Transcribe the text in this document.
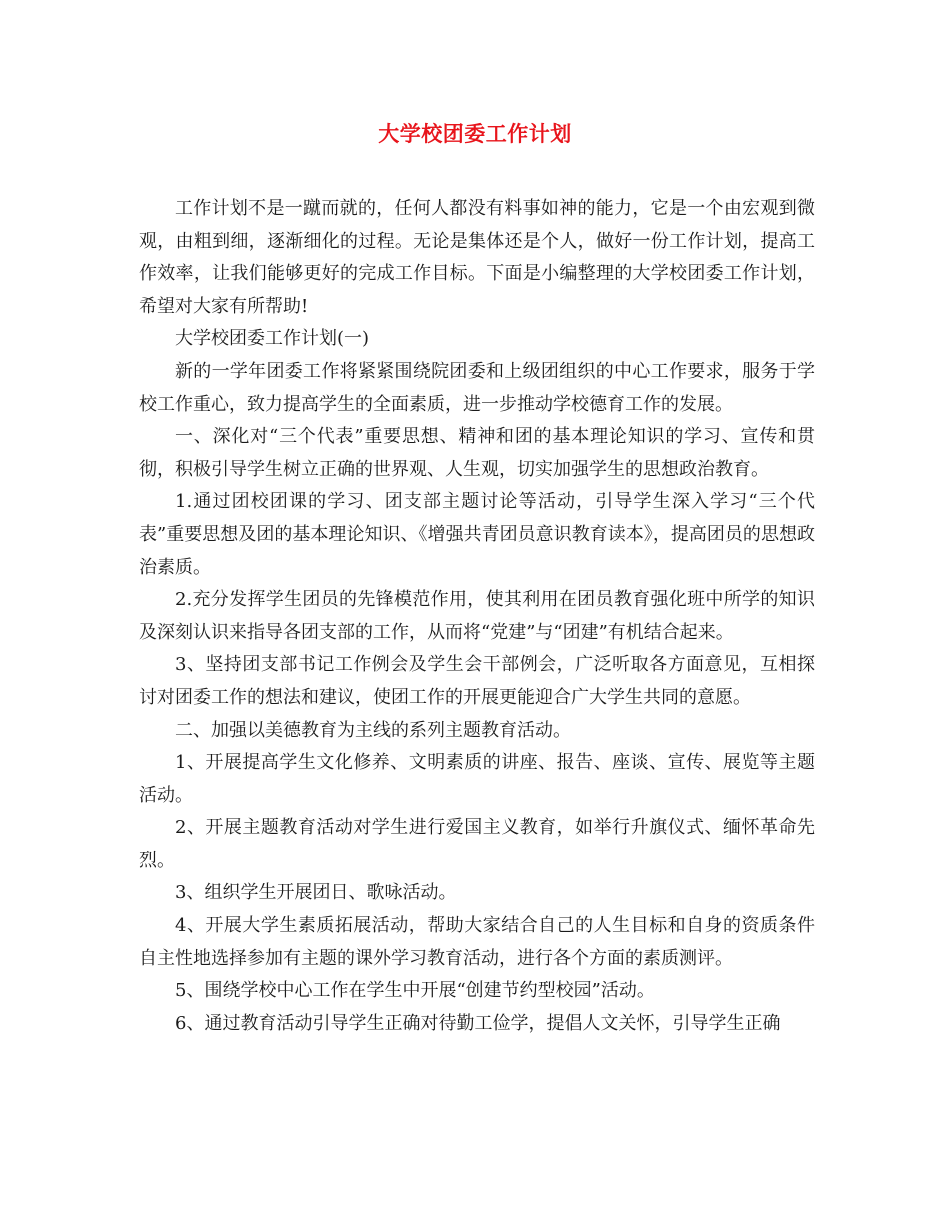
大学校团委工作计划

工作计划不是一蹴而就的，任何人都没有料事如神的能力，它是一个由宏观到微观，由粗到细，逐渐细化的过程。无论是集体还是个人，做好一份工作计划，提高工作效率，让我们能够更好的完成工作目标。下面是小编整理的大学校团委工作计划，希望对大家有所帮助!

大学校团委工作计划(一)

新的一学年团委工作将紧紧围绕院团委和上级团组织的中心工作要求，服务于学校工作重心，致力提高学生的全面素质，进一步推动学校德育工作的发展。

一、深化对“三个代表”重要思想、精神和团的基本理论知识的学习、宣传和贯彻，积极引导学生树立正确的世界观、人生观，切实加强学生的思想政治教育。

1.通过团校团课的学习、团支部主题讨论等活动，引导学生深入学习“三个代表”重要思想及团的基本理论知识、《增强共青团员意识教育读本》，提高团员的思想政治素质。

2.充分发挥学生团员的先锋模范作用，使其利用在团员教育强化班中所学的知识及深刻认识来指导各团支部的工作，从而将“党建”与“团建”有机结合起来。

3、坚持团支部书记工作例会及学生会干部例会，广泛听取各方面意见，互相探讨对团委工作的想法和建议，使团工作的开展更能迎合广大学生共同的意愿。

二、加强以美德教育为主线的系列主题教育活动。

1、开展提高学生文化修养、文明素质的讲座、报告、座谈、宣传、展览等主题活动。

2、开展主题教育活动对学生进行爱国主义教育，如举行升旗仪式、缅怀革命先烈。

3、组织学生开展团日、歌咏活动。

4、开展大学生素质拓展活动，帮助大家结合自己的人生目标和自身的资质条件自主性地选择参加有主题的课外学习教育活动，进行各个方面的素质测评。

5、围绕学校中心工作在学生中开展“创建节约型校园”活动。

6、通过教育活动引导学生正确对待勤工俭学，提倡人文关怀，引导学生正确
